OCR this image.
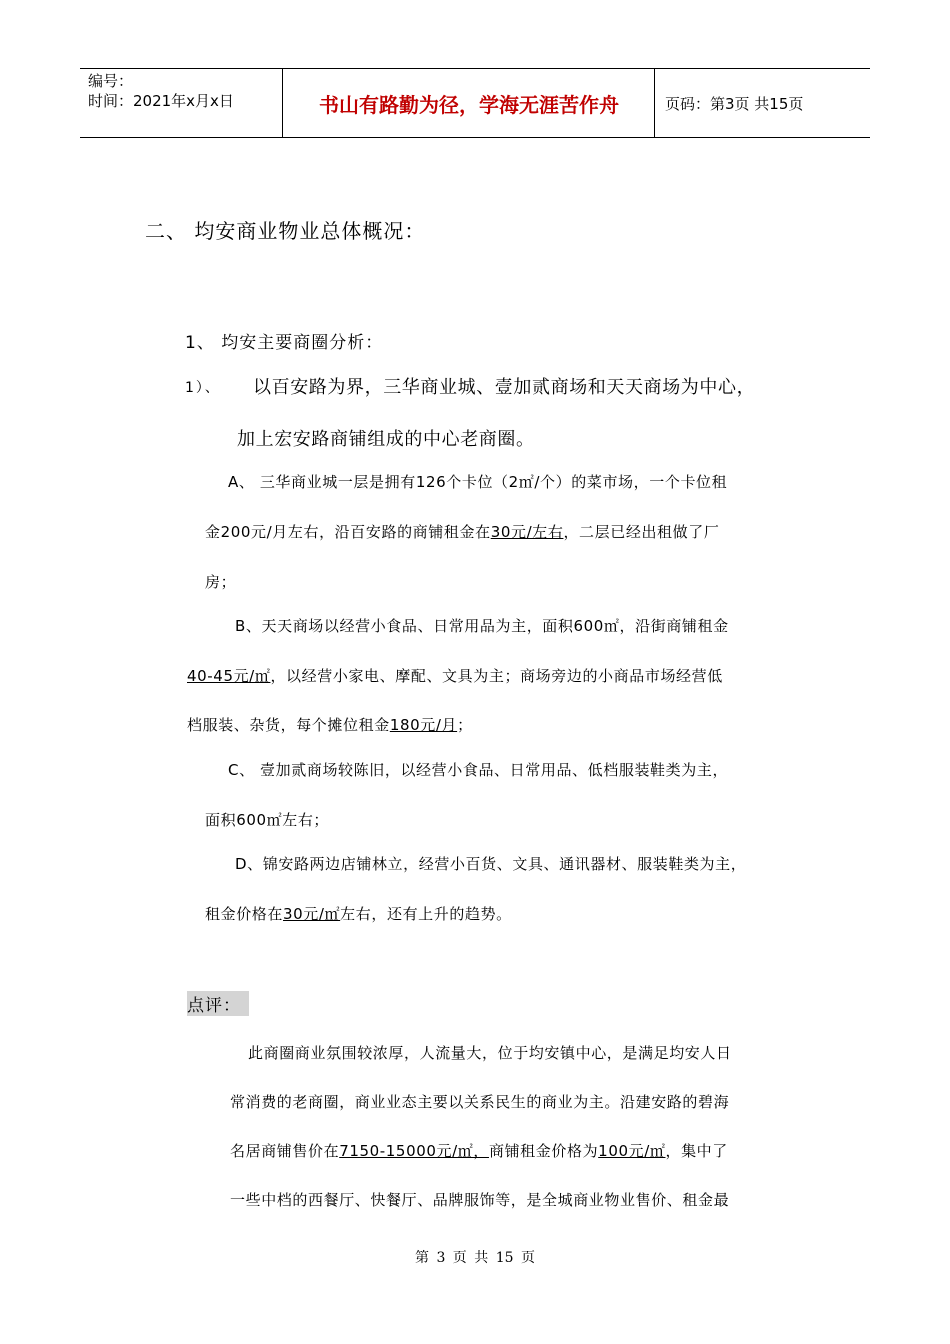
编号：
时间：2021年x月x日	书山有路勤为径，学海无涯苦作舟	页码：第3页 共15页
二、 均安商业物业总体概况：
1、 均安主要商圈分析：
1）、 以百安路为界，三华商业城、壹加贰商场和天天商场为中心，
加上宏安路商铺组成的中心老商圈。
A、 三华商业城一层是拥有126个卡位（2㎡/个）的菜市场，一个卡位租
金200元/月左右，沿百安路的商铺租金在30元/左右，二层已经出租做了厂
房；
B、天天商场以经营小食品、日常用品为主，面积600㎡，沿街商铺租金
40-45元/㎡，以经营小家电、摩配、文具为主；商场旁边的小商品市场经营低
档服装、杂货，每个摊位租金180元/月；
C、 壹加贰商场较陈旧，以经营小食品、日常用品、低档服装鞋类为主，
面积600㎡左右；
D、锦安路两边店铺林立，经营小百货、文具、通讯器材、服装鞋类为主，
租金价格在30元/㎡左右，还有上升的趋势。
点评：
此商圈商业氛围较浓厚，人流量大，位于均安镇中心，是满足均安人日
常消费的老商圈，商业业态主要以关系民生的商业为主。沿建安路的碧海
名居商铺售价在7150-15000元/㎡，商铺租金价格为100元/㎡，集中了
一些中档的西餐厅、快餐厅、品牌服饰等，是全城商业物业售价、租金最
第 3 页 共 15 页
